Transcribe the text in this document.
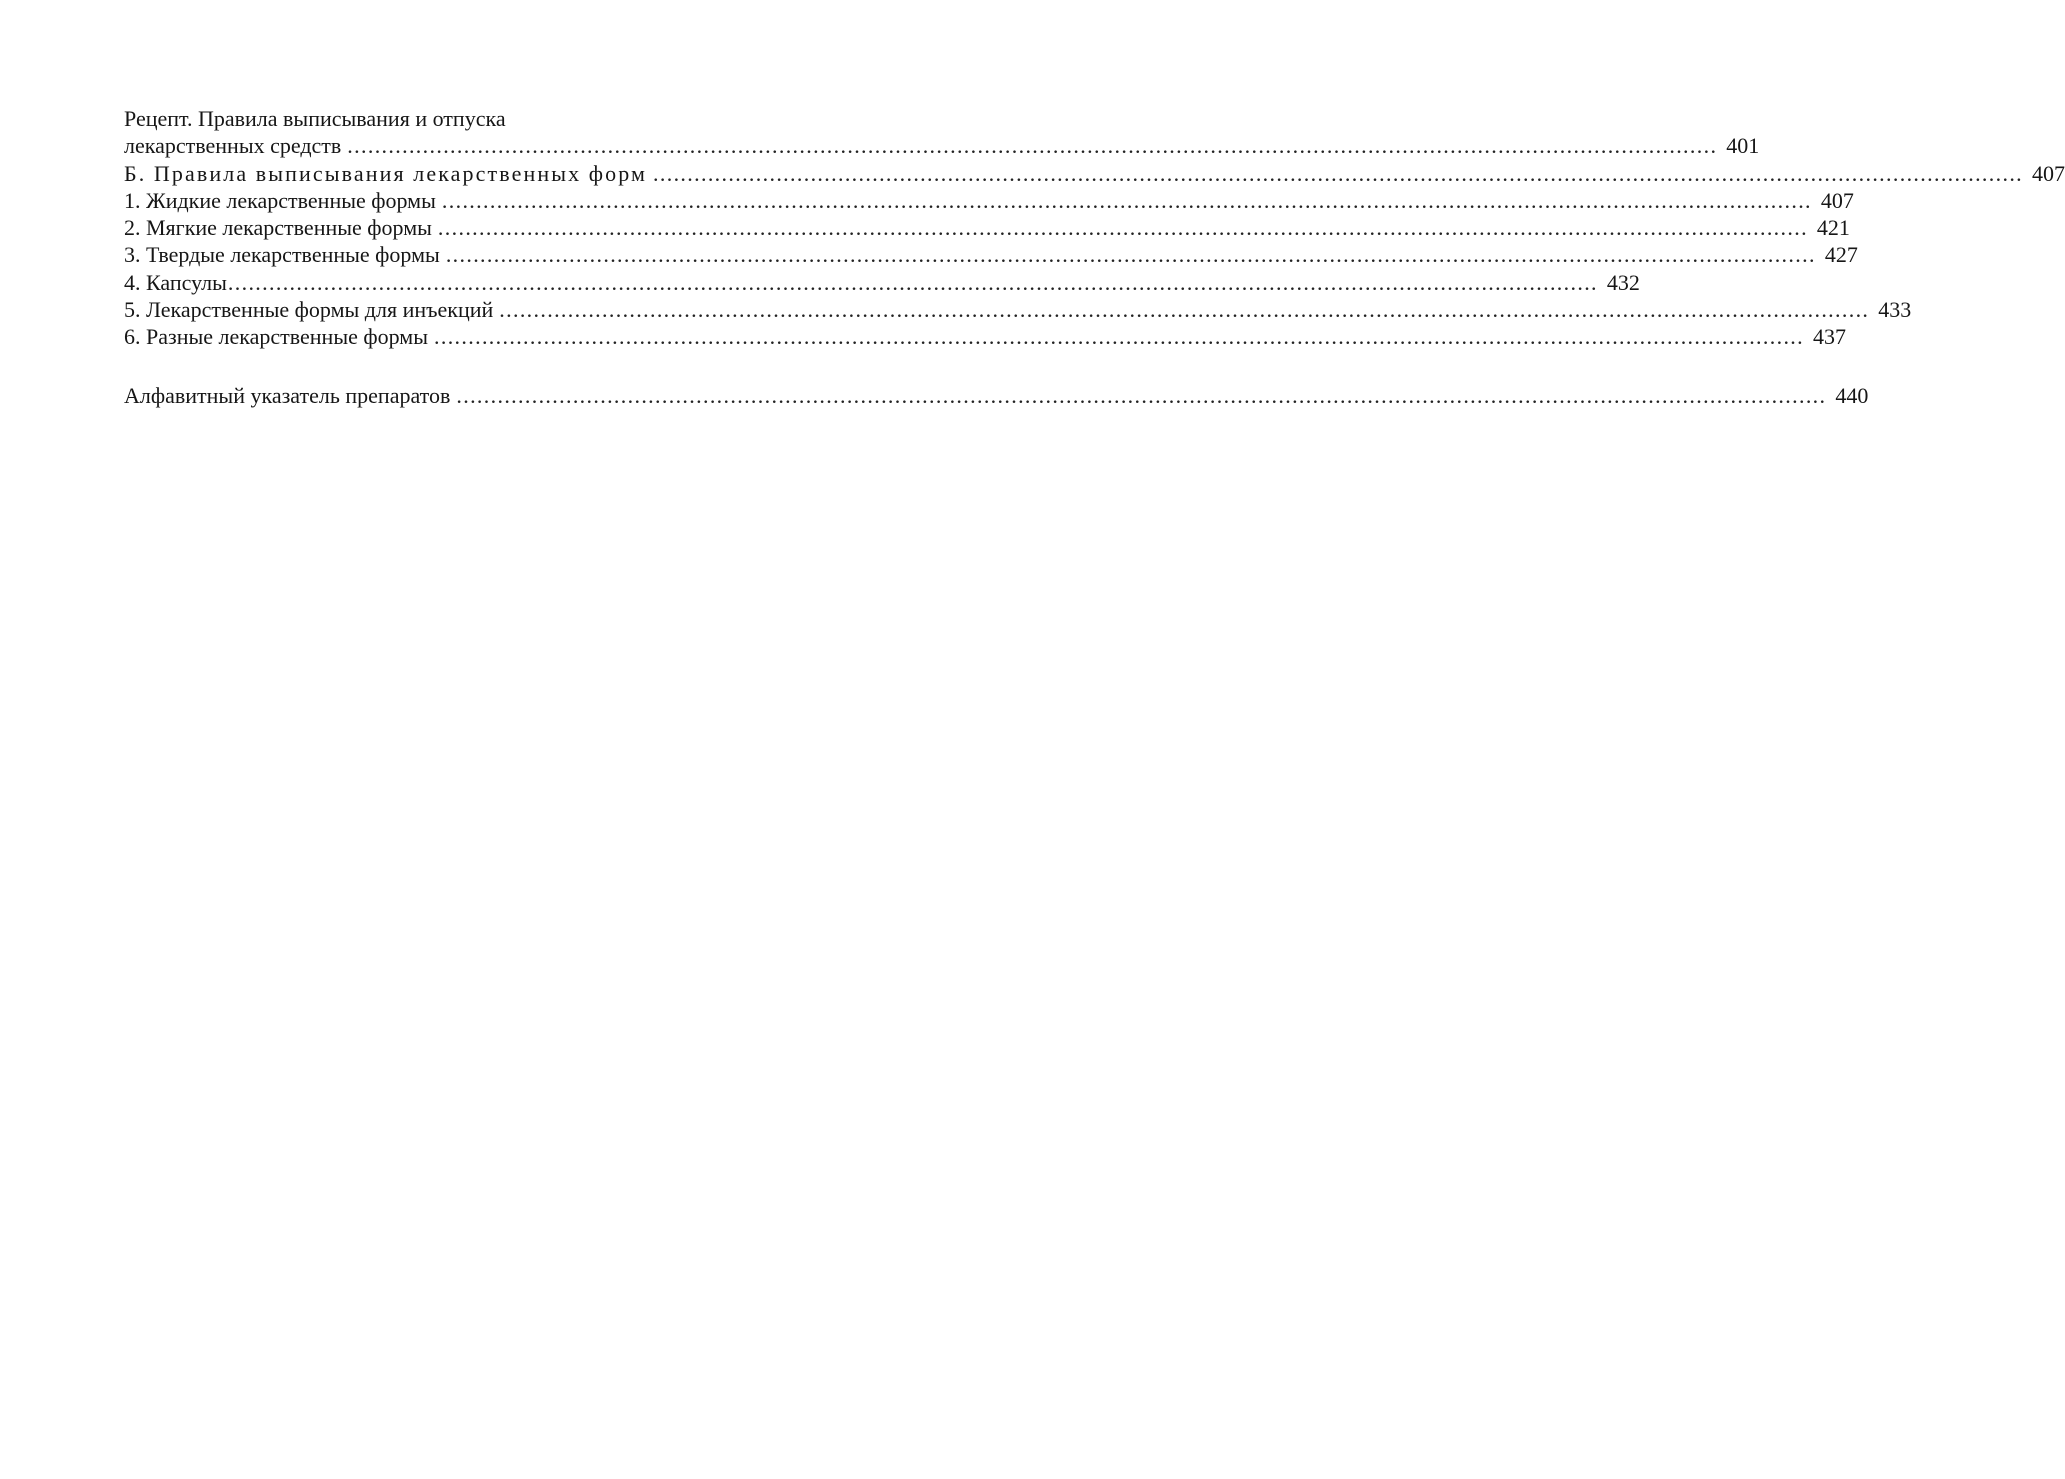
Рецепт. Правила выписывания и отпуска
лекарственных средств ........................................................................................................................................................................................................ 401
Б. Правила выписывания лекарственных форм ........................................................................................................................................................................................................ 407
1. Жидкие лекарственные формы ........................................................................................................................................................................................................ 407
2. Мягкие лекарственные формы ........................................................................................................................................................................................................ 421
3. Твердые лекарственные формы ........................................................................................................................................................................................................ 427
4. Капсулы ........................................................................................................................................................................................................ 432
5. Лекарственные формы для инъекций ........................................................................................................................................................................................................ 433
6. Разные лекарственные формы ........................................................................................................................................................................................................ 437
Алфавитный указатель препаратов ........................................................................................................................................................................................................ 440
